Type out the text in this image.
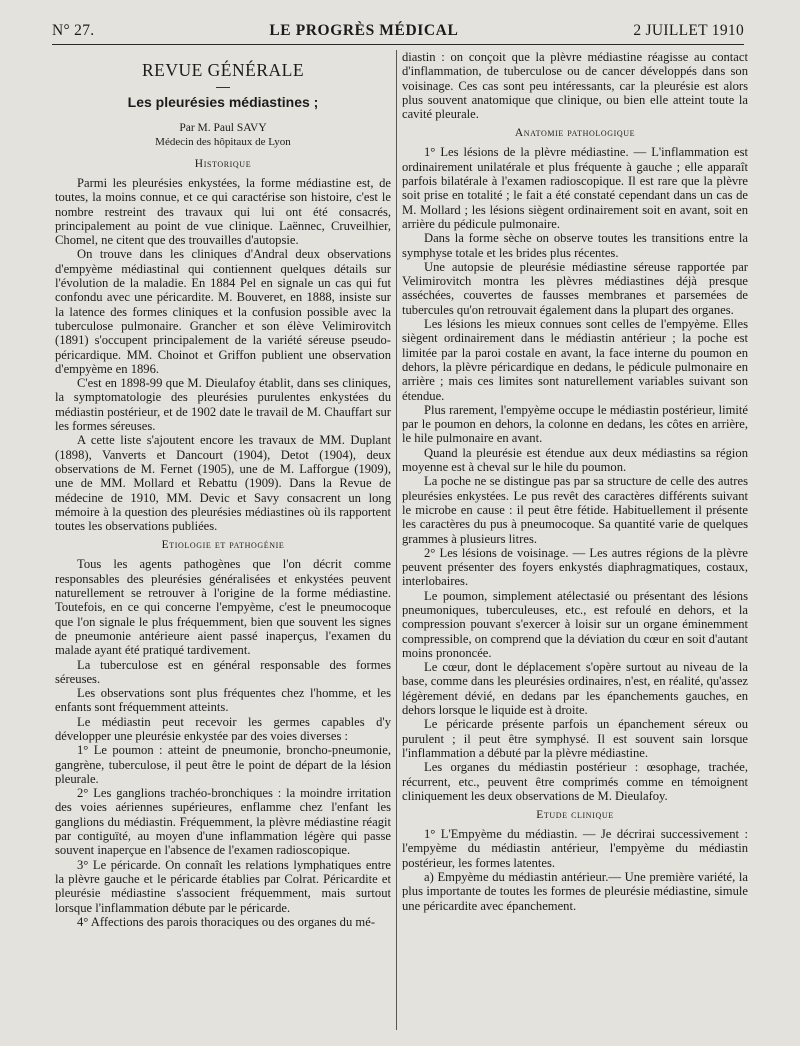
N° 27.	LE PROGRÈS MÉDICAL	2 JUILLET 1910
REVUE GÉNÉRALE
Les pleurésies médiastines ;
Par M. Paul SAVY
Médecin des hôpitaux de Lyon
Historique

Parmi les pleurésies enkystées, la forme médiastine est, de toutes, la moins connue, et ce qui caractérise son histoire, c'est le nombre restreint des travaux qui lui ont été consacrés, principalement au point de vue clinique. Laënnec, Cruveilhier, Chomel, ne citent que des trouvailles d'autopsie.

On trouve dans les cliniques d'Andral deux observations d'empyème médiastinal qui contiennent quelques détails sur l'évolution de la maladie. En 1884 Pel en signale un cas qui fut confondu avec une péricardite. M. Bouveret, en 1888, insiste sur la latence des formes cliniques et la confusion possible avec la tuberculose pulmonaire. Grancher et son élève Velimirovitch (1891) s'occupent principalement de la variété séreuse pseudo-péricardique. MM. Choinot et Griffon publient une observation d'empyème en 1896.

C'est en 1898-99 que M. Dieulafoy établit, dans ses cliniques, la symptomatologie des pleurésies purulentes enkystées du médiastin postérieur, et de 1902 date le travail de M. Chauffart sur les formes séreuses.

A cette liste s'ajoutent encore les travaux de MM. Duplant (1898), Vanverts et Dancourt (1904), Detot (1904), deux observations de M. Fernet (1905), une de M. Lafforgue (1909), une de MM. Mollard et Rebattu (1909). Dans la Revue de médecine de 1910, MM. Devic et Savy consacrent un long mémoire à la question des pleurésies médiastines où ils rapportent toutes les observations publiées.

Etiologie et pathogénie

Tous les agents pathogènes que l'on décrit comme responsables des pleurésies généralisées et enkystées peuvent naturellement se retrouver à l'origine de la forme médiastine. Toutefois, en ce qui concerne l'empyème, c'est le pneumocoque que l'on signale le plus fréquemment, bien que souvent les signes de pneumonie antérieure aient passé inaperçus, l'examen du malade ayant été pratiqué tardivement.

La tuberculose est en général responsable des formes séreuses.

Les observations sont plus fréquentes chez l'homme, et les enfants sont fréquemment atteints.

Le médiastin peut recevoir les germes capables d'y développer une pleurésie enkystée par des voies diverses :

1° Le poumon : atteint de pneumonie, broncho-pneumonie, gangrène, tuberculose, il peut être le point de départ de la lésion pleurale.

2° Les ganglions trachéo-bronchiques : la moindre irritation des voies aériennes supérieures, enflamme chez l'enfant les ganglions du médiastin. Fréquemment, la plèvre médiastine réagit par contiguïté, au moyen d'une inflammation légère qui passe souvent inaperçue en l'absence de l'examen radioscopique.

3° Le péricarde. On connaît les relations lymphatiques entre la plèvre gauche et le péricarde établies par Colrat. Péricardite et pleurésie médiastine s'associent fréquemment, mais surtout lorsque l'inflammation débute par le péricarde.

4° Affections des parois thoraciques ou des organes du mé-

diastin : on conçoit que la plèvre médiastine réagisse au contact d'inflammation, de tuberculose ou de cancer développés dans son voisinage. Ces cas sont peu intéressants, car la pleurésie est alors plus souvent anatomique que clinique, ou bien elle atteint toute la cavité pleurale.

Anatomie pathologique

1° Les lésions de la plèvre médiastine. — L'inflammation est ordinairement unilatérale et plus fréquente à gauche ; elle apparaît parfois bilatérale à l'examen radioscopique. Il est rare que la plèvre soit prise en totalité ; le fait a été constaté cependant dans un cas de M. Mollard ; les lésions siègent ordinairement soit en avant, soit en arrière du pédicule pulmonaire.

Dans la forme sèche on observe toutes les transitions entre la symphyse totale et les brides plus récentes.

Une autopsie de pleurésie médiastine séreuse rapportée par Velimirovitch montra les plèvres médiastines déjà presque asséchées, couvertes de fausses membranes et parsemées de tubercules qu'on retrouvait également dans la plupart des organes.

Les lésions les mieux connues sont celles de l'empyème. Elles siègent ordinairement dans le médiastin antérieur ; la poche est limitée par la paroi costale en avant, la face interne du poumon en dehors, la plèvre péricardique en dedans, le pédicule pulmonaire en arrière ; mais ces limites sont naturellement variables suivant son étendue.

Plus rarement, l'empyème occupe le médiastin postérieur, limité par le poumon en dehors, la colonne en dedans, les côtes en arrière, le hile pulmonaire en avant.

Quand la pleurésie est étendue aux deux médiastins sa région moyenne est à cheval sur le hile du poumon.

La poche ne se distingue pas par sa structure de celle des autres pleurésies enkystées. Le pus revêt des caractères différents suivant le microbe en cause : il peut être fétide. Habituellement il présente les caractères du pus à pneumocoque. Sa quantité varie de quelques grammes à plusieurs litres.

2° Les lésions de voisinage. — Les autres régions de la plèvre peuvent présenter des foyers enkystés diaphragmatiques, costaux, interlobaires.

Le poumon, simplement atélectasié ou présentant des lésions pneumoniques, tuberculeuses, etc., est refoulé en dehors, et la compression pouvant s'exercer à loisir sur un organe éminemment compressible, on comprend que la déviation du cœur en soit d'autant moins prononcée.

Le cœur, dont le déplacement s'opère surtout au niveau de la base, comme dans les pleurésies ordinaires, n'est, en réalité, qu'assez légèrement dévié, en dedans par les épanchements gauches, en dehors lorsque le liquide est à droite.

Le péricarde présente parfois un épanchement séreux ou purulent ; il peut être symphysé. Il est souvent sain lorsque l'inflammation a débuté par la plèvre médiastine.

Les organes du médiastin postérieur : œsophage, trachée, récurrent, etc., peuvent être comprimés comme en témoignent cliniquement les deux observations de M. Dieulafoy.

Etude clinique

1° L'Empyème du médiastin. — Je décrirai successivement : l'empyème du médiastin antérieur, l'empyème du médiastin postérieur, les formes latentes.

a) Empyème du médiastin antérieur.— Une première variété, la plus importante de toutes les formes de pleurésie médiastine, simule une péricardite avec épanchement.
